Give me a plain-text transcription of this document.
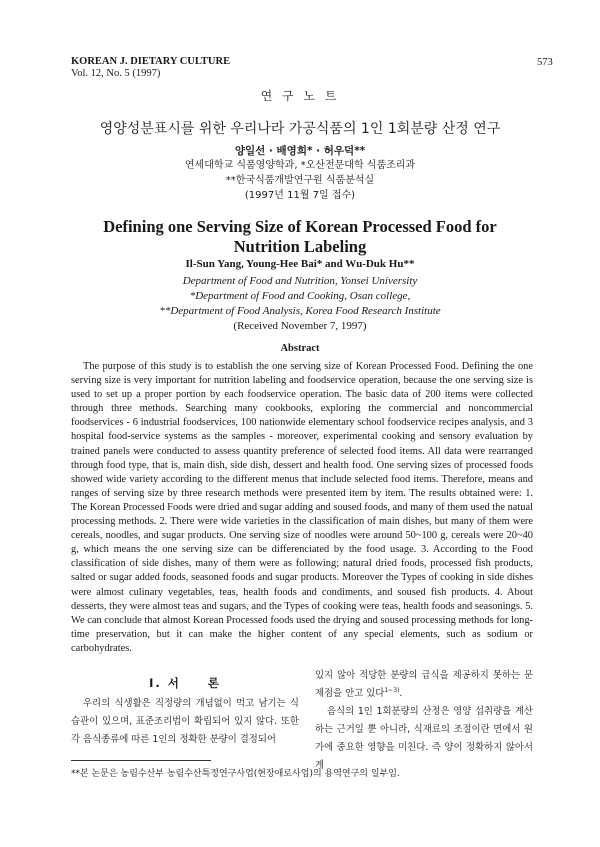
KOREAN J. DIETARY CULTURE
Vol. 12, No. 5 (1997)
573
연 구 노 트
영양성분표시를 위한 우리나라 가공식품의 1인 1회분량 산정 연구
양일선 · 배영희* · 허우덕**
연세대학교 식품영양학과, *오산전문대학 식품조리과
**한국식품개발연구원 식품분석실
(1997년 11월 7일 접수)
Defining one Serving Size of Korean Processed Food for
Nutrition Labeling
Il-Sun Yang, Young-Hee Bai* and Wu-Duk Hu**
Department of Food and Nutrition, Yonsei University
*Department of Food and Cooking, Osan college,
**Department of Food Analysis, Korea Food Research Institute
(Received November 7, 1997)
Abstract
The purpose of this study is to establish the one serving size of Korean Processed Food. Defining the one serving size is very important for nutrition labeling and foodservice operation, because the one serving size is used to set up a proper portion by each foodservice operation. The basic data of 200 items were collected through three methods. Searching many cookbooks, exploring the commercial and noncommercial foodservices - 6 industrial foodservices, 100 nationwide elementary school foodservice recipes analysis, and 3 hospital food-service systems as the samples - moreover, experimental cooking and sensory evaluation by trained panels were conducted to assess quantity preference of selected food items. All data were rearranged through food type, that is, main dish, side dish, dessert and health food. One serving sizes of processed foods showed wide variety according to the different menus that include selected food items. Therefore, means and ranges of serving size by three research methods were presented item by item. The results obtained were: 1. The Korean Processed Foods were dried and sugar adding and soused foods, and many of them used the natual processing methods. 2. There were wide varieties in the classification of main dishes, but many of them were cereals, noodles, and sugar products. One serving size of noodles were around 50~100 g, cereals were 20~40 g, which means the one serving size can be differenciated by the food usage. 3. According to the Food classification of side dishes, many of them were as following; natural dried foods, processed fish products, salted or sugar added foods, seasoned foods and sugar products. Moreover the Types of cooking in side dishes were almost culinary vegetables, teas, health foods and condiments, and soused fish products. 4. About desserts, they were almost teas and sugars, and the Types of cooking were teas, health foods and seasonings. 5. We can conclude that almost Korean Processed foods used the drying and soused processing methods for long-time preservation, but it can make the higher content of any special elements, such as sodium or carbohydrates.
I. 서　　론
우리의 식생활은 직정량의 개념없이 먹고 남기는 식습관이 있으며, 표준조리법이 확립되어 있지 않다. 또한 각 음식종류에 따른 1인의 정확한 분량이 결정되어

있지 않아 적당한 분량의 급식을 제공하지 못하는 문제점을 안고 있다$^{1\sim 3)}$.

음식의 1인 1회분량의 산정은 영양 섭취량을 계산하는 근거일 뿐 아니라, 식재료의 조절이란 면에서 원가에 중요한 영향을 미친다. 즉 양이 정확하지 않아서 계

**본 논문은 농림수산부 농림수산특정연구사업(현장애로사업)의 용역연구의 일부임.
